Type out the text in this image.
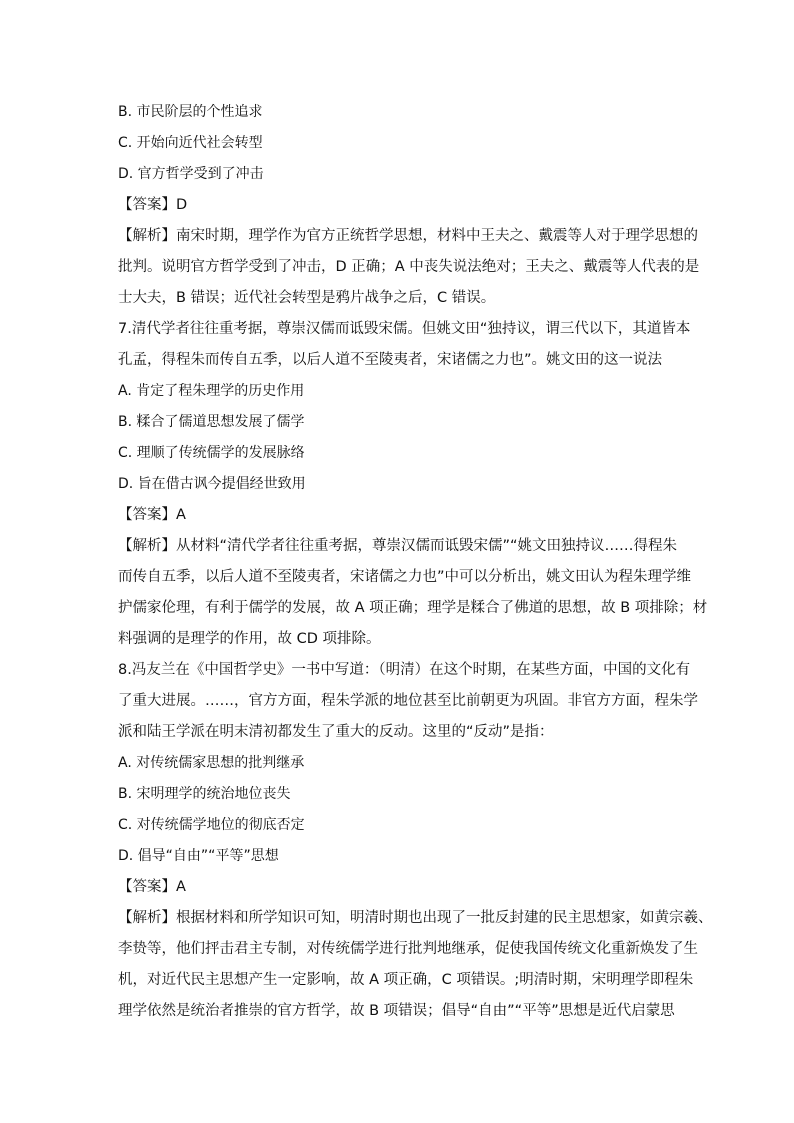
B. 市民阶层的个性追求
C. 开始向近代社会转型
D. 官方哲学受到了冲击
【答案】D
【解析】南宋时期，理学作为官方正统哲学思想，材料中王夫之、戴震等人对于理学思想的
批判。说明官方哲学受到了冲击，D 正确；A 中丧失说法绝对；王夫之、戴震等人代表的是
士大夫，B 错误；近代社会转型是鸦片战争之后，C 错误。
7.清代学者往往重考据，尊崇汉儒而诋毁宋儒。但姚文田“独持议，谓三代以下，其道皆本
孔孟，得程朱而传自五季，以后人道不至陵夷者，宋诸儒之力也”。姚文田的这一说法
A. 肯定了程朱理学的历史作用
B. 糅合了儒道思想发展了儒学
C. 理顺了传统儒学的发展脉络
D. 旨在借古讽今提倡经世致用
【答案】A
【解析】从材料“清代学者往往重考据，尊崇汉儒而诋毁宋儒”“姚文田独持议……得程朱
而传自五季，以后人道不至陵夷者，宋诸儒之力也”中可以分析出，姚文田认为程朱理学维
护儒家伦理，有利于儒学的发展，故 A 项正确；理学是糅合了佛道的思想，故 B 项排除；材
料强调的是理学的作用，故 CD 项排除。
8.冯友兰在《中国哲学史》一书中写道：（明清）在这个时期，在某些方面，中国的文化有
了重大进展。……，官方方面，程朱学派的地位甚至比前朝更为巩固。非官方方面，程朱学
派和陆王学派在明末清初都发生了重大的反动。这里的“反动”是指：
A. 对传统儒家思想的批判继承
B. 宋明理学的统治地位丧失
C. 对传统儒学地位的彻底否定
D. 倡导“自由”“平等”思想
【答案】A
【解析】根据材料和所学知识可知，明清时期也出现了一批反封建的民主思想家，如黄宗羲、
李贽等，他们抨击君主专制，对传统儒学进行批判地继承，促使我国传统文化重新焕发了生
机，对近代民主思想产生一定影响，故 A 项正确，C 项错误。;明清时期，宋明理学即程朱
理学依然是统治者推崇的官方哲学，故 B 项错误；倡导“自由”“平等”思想是近代启蒙思
